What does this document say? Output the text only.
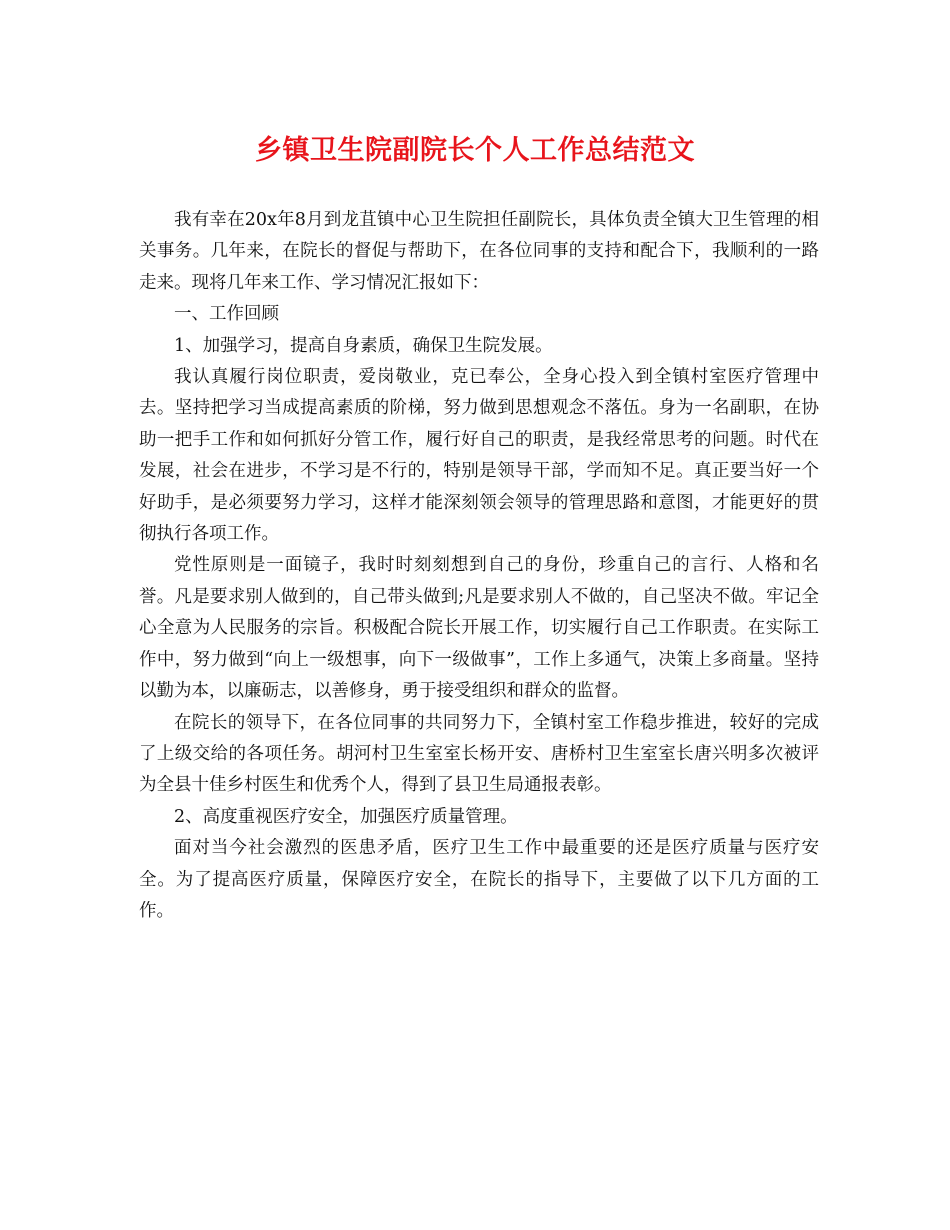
乡镇卫生院副院长个人工作总结范文

我有幸在20x年8月到龙苴镇中心卫生院担任副院长，具体负责全镇大卫生管理的相关事务。几年来，在院长的督促与帮助下，在各位同事的支持和配合下，我顺利的一路走来。现将几年来工作、学习情况汇报如下：

一、工作回顾

1、加强学习，提高自身素质，确保卫生院发展。

我认真履行岗位职责，爱岗敬业，克已奉公，全身心投入到全镇村室医疗管理中去。坚持把学习当成提高素质的阶梯，努力做到思想观念不落伍。身为一名副职，在协助一把手工作和如何抓好分管工作，履行好自己的职责，是我经常思考的问题。时代在发展，社会在进步，不学习是不行的，特别是领导干部，学而知不足。真正要当好一个好助手，是必须要努力学习，这样才能深刻领会领导的管理思路和意图，才能更好的贯彻执行各项工作。

党性原则是一面镜子，我时时刻刻想到自己的身份，珍重自己的言行、人格和名誉。凡是要求别人做到的，自己带头做到;凡是要求别人不做的，自己坚决不做。牢记全心全意为人民服务的宗旨。积极配合院长开展工作，切实履行自己工作职责。在实际工作中，努力做到“向上一级想事，向下一级做事”，工作上多通气，决策上多商量。坚持以勤为本，以廉砺志，以善修身，勇于接受组织和群众的监督。

在院长的领导下，在各位同事的共同努力下，全镇村室工作稳步推进，较好的完成了上级交给的各项任务。胡河村卫生室室长杨开安、唐桥村卫生室室长唐兴明多次被评为全县十佳乡村医生和优秀个人，得到了县卫生局通报表彰。

2、高度重视医疗安全，加强医疗质量管理。

面对当今社会激烈的医患矛盾，医疗卫生工作中最重要的还是医疗质量与医疗安全。为了提高医疗质量，保障医疗安全，在院长的指导下，主要做了以下几方面的工作。
